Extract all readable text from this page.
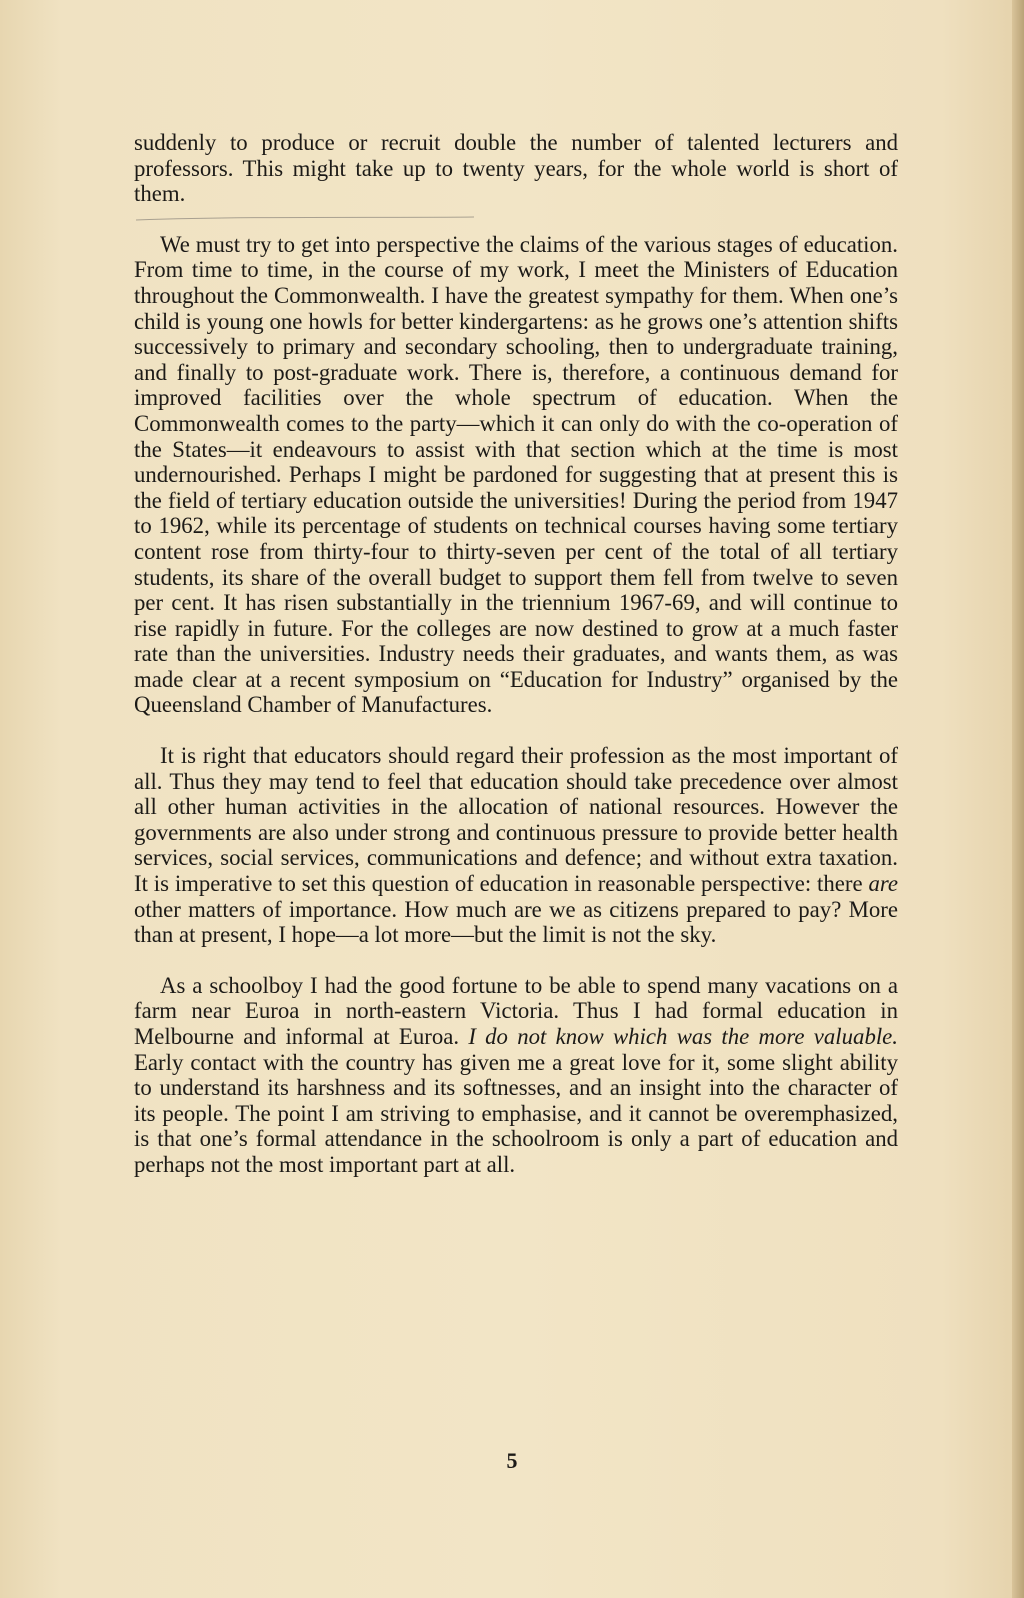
suddenly to produce or recruit double the number of talented lecturers and professors. This might take up to twenty years, for the whole world is short of them.

We must try to get into perspective the claims of the various stages of education. From time to time, in the course of my work, I meet the Ministers of Education throughout the Commonwealth. I have the greatest sympathy for them. When one’s child is young one howls for better kindergartens: as he grows one’s attention shifts successively to primary and secondary schooling, then to undergraduate training, and finally to post-graduate work. There is, therefore, a continuous demand for improved facilities over the whole spectrum of education. When the Commonwealth comes to the party—which it can only do with the co-operation of the States—it endeavours to assist with that section which at the time is most undernourished. Perhaps I might be pardoned for suggesting that at present this is the field of tertiary education outside the universities! During the period from 1947 to 1962, while its percentage of students on technical courses having some tertiary content rose from thirty-four to thirty-seven per cent of the total of all tertiary students, its share of the overall budget to support them fell from twelve to seven per cent. It has risen substantially in the triennium 1967-69, and will continue to rise rapidly in future. For the colleges are now destined to grow at a much faster rate than the universities. Industry needs their graduates, and wants them, as was made clear at a recent symposium on “Education for Industry” organised by the Queensland Chamber of Manufactures.

It is right that educators should regard their profession as the most important of all. Thus they may tend to feel that education should take precedence over almost all other human activities in the allocation of national resources. However the governments are also under strong and continuous pressure to provide better health services, social services, communications and defence; and without extra taxation. It is imperative to set this question of education in reasonable perspective: there are other matters of importance. How much are we as citizens prepared to pay? More than at present, I hope—a lot more—but the limit is not the sky.

As a schoolboy I had the good fortune to be able to spend many vacations on a farm near Euroa in north-eastern Victoria. Thus I had formal education in Melbourne and informal at Euroa. I do not know which was the more valuable. Early contact with the country has given me a great love for it, some slight ability to understand its harshness and its softnesses, and an insight into the character of its people. The point I am striving to emphasise, and it cannot be overemphasized, is that one’s formal attendance in the schoolroom is only a part of education and perhaps not the most important part at all.

5
